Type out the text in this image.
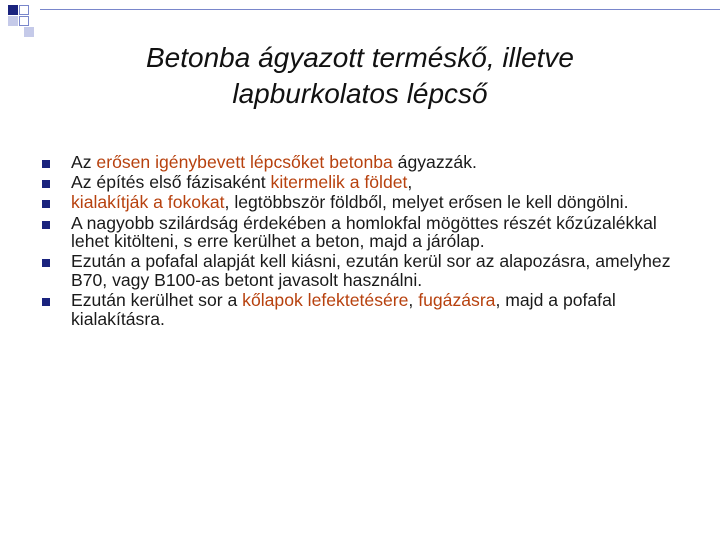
Betonba ágyazott terméskő, illetve
lapburkolatos lépcső
Az erősen igénybevett lépcsőket betonba ágyazzák.
Az építés első fázisaként kitermelik a földet,
kialakítják a fokokat, legtöbbször földből, melyet erősen le kell döngölni.
A nagyobb szilárdság érdekében a homlokfal mögöttes részét kőzúzalékkal lehet kitölteni, s erre kerülhet a beton, majd a járólap.
Ezután a pofafal alapját kell kiásni, ezután kerül sor az alapozásra, amelyhez B70, vagy B100-as betont javasolt használni.
Ezután kerülhet sor a kőlapok lefektetésére, fugázásra, majd a pofafal kialakításra.
